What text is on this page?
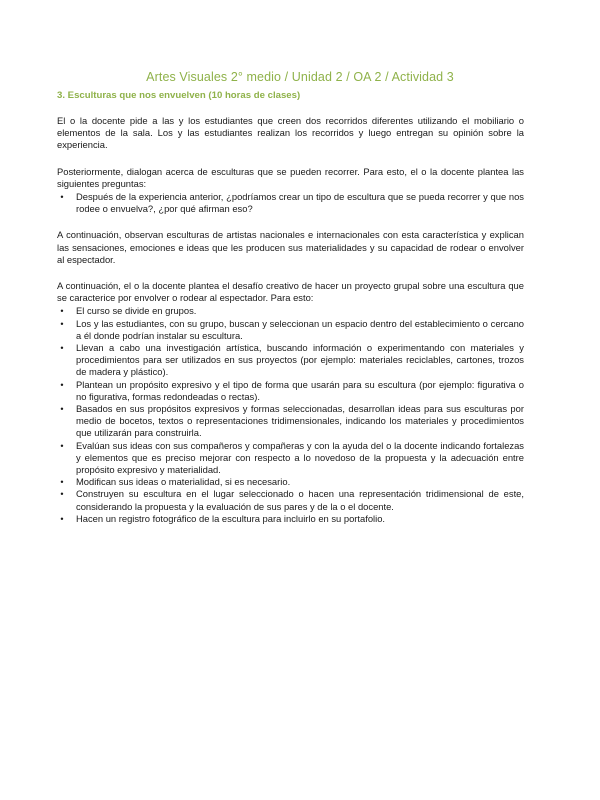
Artes Visuales 2° medio / Unidad 2 / OA 2 / Actividad 3
3. Esculturas que nos envuelven (10 horas de clases)

El o la docente pide a las y los estudiantes que creen dos recorridos diferentes utilizando el mobiliario o elementos de la sala. Los y las estudiantes realizan los recorridos y luego entregan su opinión sobre la experiencia.

Posteriormente, dialogan acerca de esculturas que se pueden recorrer. Para esto, el o la docente plantea las siguientes preguntas:

•	Después de la experiencia anterior, ¿podríamos crear un tipo de escultura que se pueda recorrer y que nos rodee o envuelva?, ¿por qué afirman eso?

A continuación, observan esculturas de artistas nacionales e internacionales con esta característica y explican las sensaciones, emociones e ideas que les producen sus materialidades y su capacidad de rodear o envolver al espectador.

A continuación, el o la docente plantea el desafío creativo de hacer un proyecto grupal sobre una escultura que se caracterice por envolver o rodear al espectador. Para esto:

•	El curso se divide en grupos.
•	Los y las estudiantes, con su grupo, buscan y seleccionan un espacio dentro del establecimiento o cercano a él donde podrían instalar su escultura.
•	Llevan a cabo una investigación artística, buscando información o experimentando con materiales y procedimientos para ser utilizados en sus proyectos (por ejemplo: materiales reciclables, cartones, trozos de madera y plástico).
•	Plantean un propósito expresivo y el tipo de forma que usarán para su escultura (por ejemplo: figurativa o no figurativa, formas redondeadas o rectas).
•	Basados en sus propósitos expresivos y formas seleccionadas, desarrollan ideas para sus esculturas por medio de bocetos, textos o representaciones tridimensionales, indicando los materiales y procedimientos que utilizarán para construirla.
•	Evalúan sus ideas con sus compañeros y compañeras y con la ayuda del o la docente indicando fortalezas y elementos que es preciso mejorar con respecto a lo novedoso de la propuesta y la adecuación entre propósito expresivo y materialidad.
•	Modifican sus ideas o materialidad, si es necesario.
•	Construyen su escultura en el lugar seleccionado o hacen una representación tridimensional de este, considerando la propuesta y la evaluación de sus pares y de la o el docente.
•	Hacen un registro fotográfico de la escultura para incluirlo en su portafolio.
